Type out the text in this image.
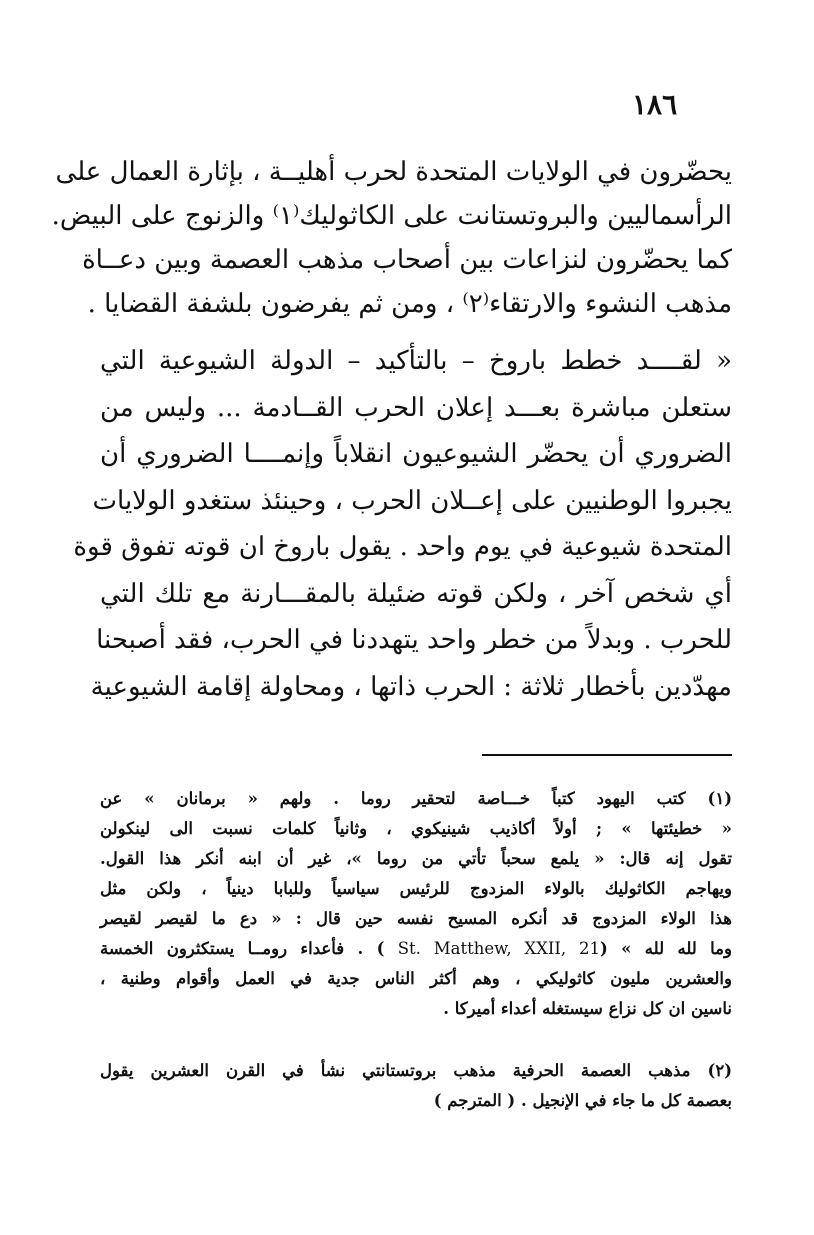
١٨٦
يحضّرون في الولايات المتحدة لحرب أهليــة ، بإثارة العمال على
الرأسماليين والبروتستانت على الكاثوليك⁽١⁾ والزنوج على البيض.
كما يحضّرون لنزاعات بين أصحاب مذهب العصمة وبين دعــاة
مذهب النشوء والارتقاء⁽٢⁾ ، ومن ثم يفرضون بلشفة القضايا .
« لقــــد خطط باروخ – بالتأكيد – الدولة الشيوعية التي
ستعلن مباشرة بعـــد إعلان الحرب القــادمة ... وليس من
الضروري أن يحضّر الشيوعيون انقلاباً وإنمــــا الضروري أن
يجبروا الوطنيين على إعــلان الحرب ، وحينئذ ستغدو الولايات
المتحدة شيوعية في يوم واحد . يقول باروخ ان قوته تفوق قوة
أي شخص آخر ، ولكن قوته ضئيلة بالمقـــارنة مع تلك التي
للحرب . وبدلاً من خطر واحد يتهددنا في الحرب، فقد أصبحنا
مهدّدين بأخطار ثلاثة : الحرب ذاتها ، ومحاولة إقامة الشيوعية
(١) كتب اليهود كتباً خـــاصة لتحقير روما . ولهم « برمانان » عن
« خطيئتها » ; أولاً أكاذيب شينيكوي ، وثانياً كلمات نسبت الى لينكولن
تقول إنه قال: « يلمع سحباً تأتي من روما »، غير أن ابنه أنكر هذا القول.
ويهاجم الكاثوليك بالولاء المزدوج للرئيس سياسياً وللبابا دينياً ، ولكن مثل
هذا الولاء المزدوج قد أنكره المسيح نفسه حين قال : « دع ما لقيصر لقيصر
وما لله لله » (St. Matthew, XXII, 21 ) . فأعداء رومــا يستكثرون الخمسة
والعشرين مليون كاثوليكي ، وهم أكثر الناس جدية في العمل وأقوام وطنية ،
ناسين ان كل نزاع سيستغله أعداء أميركا .
(٢) مذهب العصمة الحرفية مذهب بروتستانتي نشأ في القرن العشرين يقول
بعصمة كل ما جاء في الإنجيل . ( المترجم )
